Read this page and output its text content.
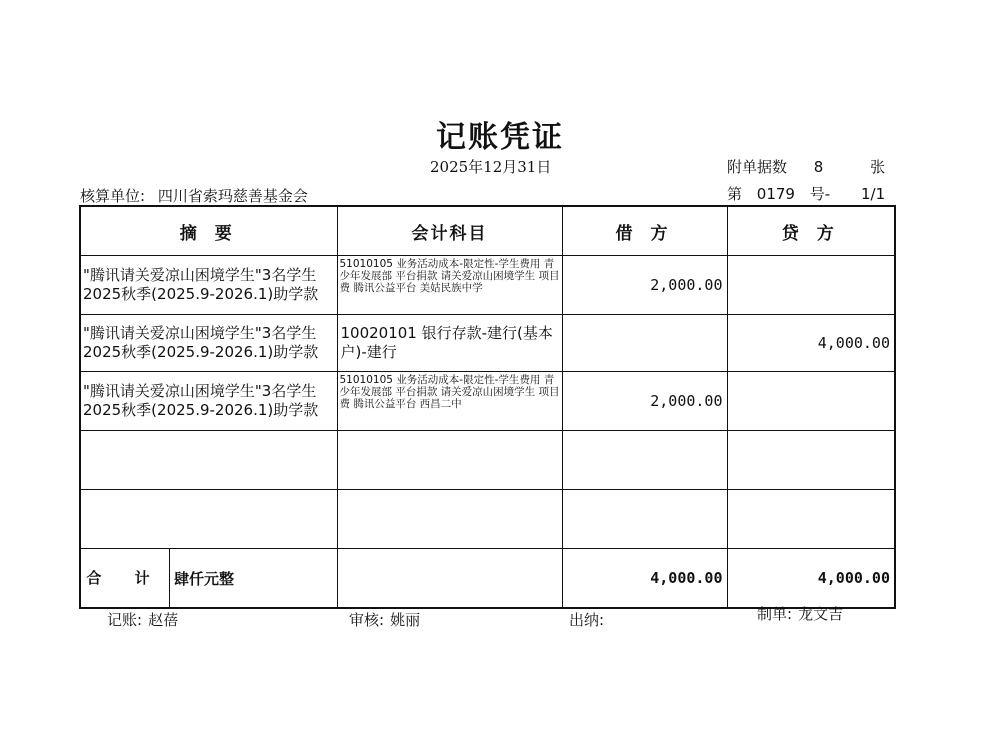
记账凭证
2025年12月31日	附单据数 8	张
核算单位: 四川省索玛慈善基金会	第 0179 号- 1/1
摘 要	会计科目	借 方	贷 方
"腾讯请关爱凉山困境学生"3名学生2025秋季(2025.9-2026.1)助学款	51010105 业务活动成本-限定性-学生费用 青少年发展部 平台捐款 请关爱凉山困境学生 项目费 腾讯公益平台 美姑民族中学	2,000.00	
"腾讯请关爱凉山困境学生"3名学生2025秋季(2025.9-2026.1)助学款	10020101 银行存款-建行(基本户)-建行		4,000.00
"腾讯请关爱凉山困境学生"3名学生2025秋季(2025.9-2026.1)助学款	51010105 业务活动成本-限定性-学生费用 青少年发展部 平台捐款 请关爱凉山困境学生 项目费 腾讯公益平台 西昌二中	2,000.00	

合 计 肆仟元整		4,000.00	4,000.00
记账: 赵蓓	审核: 姚丽	出纳:	制单: 龙文吉
